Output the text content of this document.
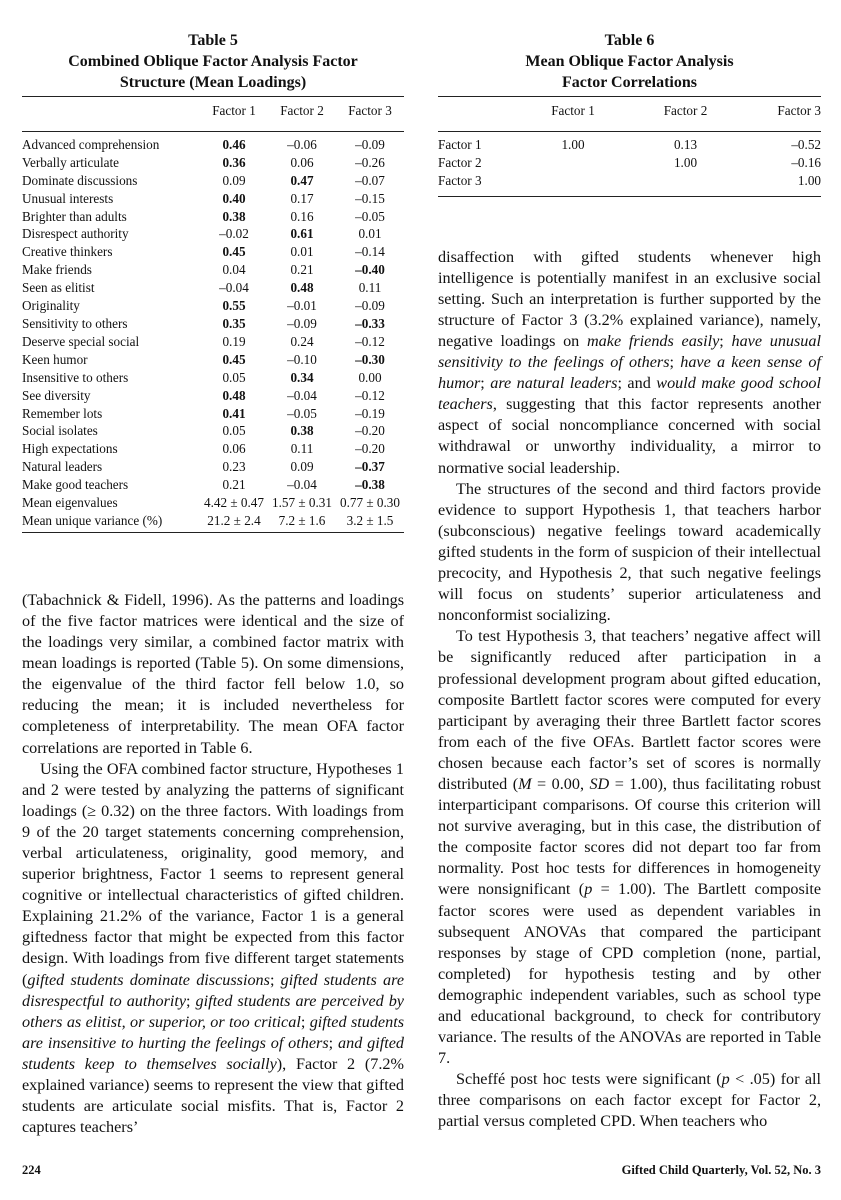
Table 5

Combined Oblique Factor Analysis Factor

Structure (Mean Loadings)

	Factor 1	Factor 2	Factor 3
Advanced comprehension	0.46	–0.06	–0.09
Verbally articulate	0.36	0.06	–0.26
Dominate discussions	0.09	0.47	–0.07
Unusual interests	0.40	0.17	–0.15
Brighter than adults	0.38	0.16	–0.05
Disrespect authority	–0.02	0.61	0.01
Creative thinkers	0.45	0.01	–0.14
Make friends	0.04	0.21	–0.40
Seen as elitist	–0.04	0.48	0.11
Originality	0.55	–0.01	–0.09
Sensitivity to others	0.35	–0.09	–0.33
Deserve special social	0.19	0.24	–0.12
Keen humor	0.45	–0.10	–0.30
Insensitive to others	0.05	0.34	0.00
See diversity	0.48	–0.04	–0.12
Remember lots	0.41	–0.05	–0.19
Social isolates	0.05	0.38	–0.20
High expectations	0.06	0.11	–0.20
Natural leaders	0.23	0.09	–0.37
Make good teachers	0.21	–0.04	–0.38
Mean eigenvalues	4.42 ± 0.47	1.57 ± 0.31	0.77 ± 0.30
Mean unique variance (%)	21.2 ± 2.4	7.2 ± 1.6	3.2 ± 1.5

(Tabachnick & Fidell, 1996). As the patterns and loadings of the five factor matrices were identical and the size of the loadings very similar, a combined factor matrix with mean loadings is reported (Table 5). On some dimensions, the eigenvalue of the third factor fell below 1.0, so reducing the mean; it is included nevertheless for completeness of interpretability. The mean OFA factor correlations are reported in Table 6.

Using the OFA combined factor structure, Hypotheses 1 and 2 were tested by analyzing the patterns of significant loadings (≥ 0.32) on the three factors. With loadings from 9 of the 20 target statements concerning comprehension, verbal articulateness, originality, good memory, and superior brightness, Factor 1 seems to represent general cognitive or intellectual characteristics of gifted children. Explaining 21.2% of the variance, Factor 1 is a general giftedness factor that might be expected from this factor design. With loadings from five different target statements (gifted students dominate discussions; gifted students are disrespectful to authority; gifted students are perceived by others as elitist, or superior, or too critical; gifted students are insensitive to hurting the feelings of others; and gifted students keep to themselves socially), Factor 2 (7.2% explained variance) seems to represent the view that gifted students are articulate social misfits. That is, Factor 2 captures teachers’

Table 6

Mean Oblique Factor Analysis

Factor Correlations

	Factor 1	Factor 2	Factor 3
Factor 1	1.00	0.13	–0.52
Factor 2		1.00	–0.16
Factor 3			1.00

disaffection with gifted students whenever high intelligence is potentially manifest in an exclusive social setting. Such an interpretation is further supported by the structure of Factor 3 (3.2% explained variance), namely, negative loadings on make friends easily; have unusual sensitivity to the feelings of others; have a keen sense of humor; are natural leaders; and would make good school teachers, suggesting that this factor represents another aspect of social noncompliance concerned with social withdrawal or unworthy individuality, a mirror to normative social leadership.

The structures of the second and third factors provide evidence to support Hypothesis 1, that teachers harbor (subconscious) negative feelings toward academically gifted students in the form of suspicion of their intellectual precocity, and Hypothesis 2, that such negative feelings will focus on students’ superior articulateness and nonconformist socializing.

To test Hypothesis 3, that teachers’ negative affect will be significantly reduced after participation in a professional development program about gifted education, composite Bartlett factor scores were computed for every participant by averaging their three Bartlett factor scores from each of the five OFAs. Bartlett factor scores were chosen because each factor’s set of scores is normally distributed (M = 0.00, SD = 1.00), thus facilitating robust interparticipant comparisons. Of course this criterion will not survive averaging, but in this case, the distribution of the composite factor scores did not depart too far from normality. Post hoc tests for differences in homogeneity were nonsignificant (p = 1.00). The Bartlett composite factor scores were used as dependent variables in subsequent ANOVAs that compared the participant responses by stage of CPD completion (none, partial, completed) for hypothesis testing and by other demographic independent variables, such as school type and educational background, to check for contributory variance. The results of the ANOVAs are reported in Table 7.

Scheffé post hoc tests were significant (p < .05) for all three comparisons on each factor except for Factor 2, partial versus completed CPD. When teachers who

224	Gifted Child Quarterly, Vol. 52, No. 3
